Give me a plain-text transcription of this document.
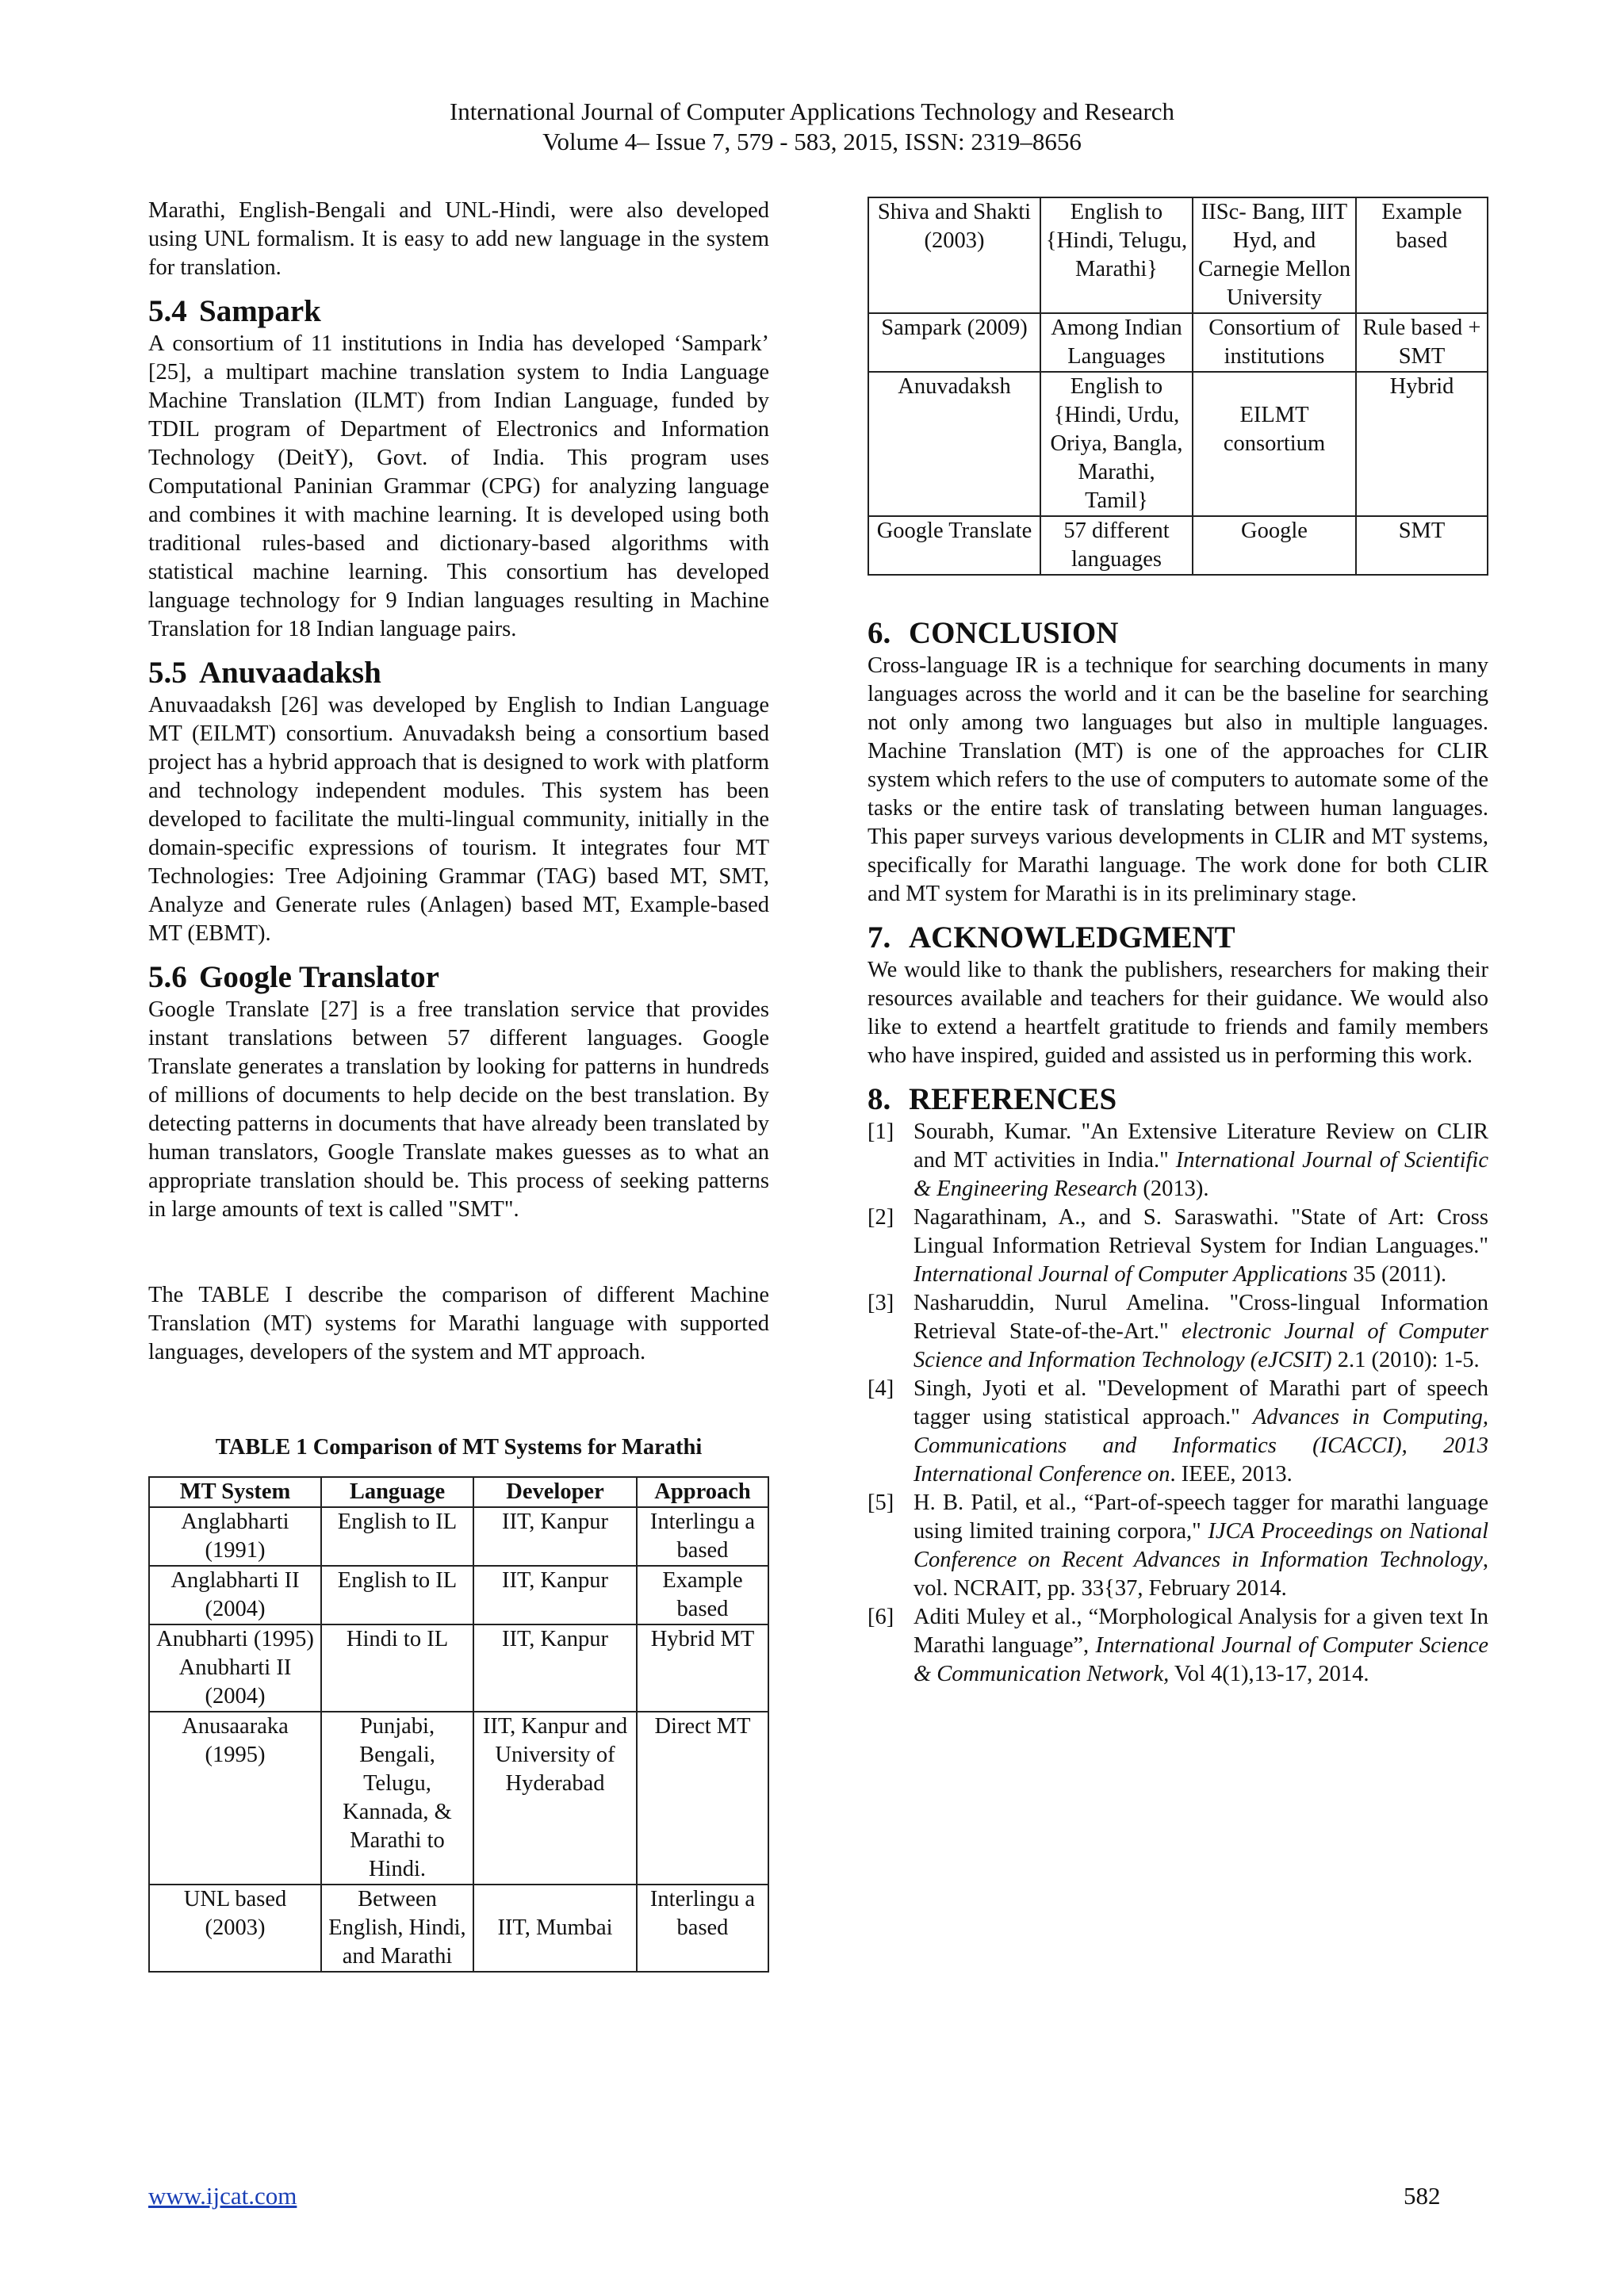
International Journal of Computer Applications Technology and Research
Volume 4– Issue 7, 579 - 583, 2015, ISSN: 2319–8656

Marathi, English-Bengali and UNL-Hindi, were also developed using UNL formalism. It is easy to add new language in the system for translation.

5.4 Sampark

A consortium of 11 institutions in India has developed ‘Sampark’ [25], a multipart machine translation system to India Language Machine Translation (ILMT) from Indian Language, funded by TDIL program of Department of Electronics and Information Technology (DeitY), Govt. of India. This program uses Computational Paninian Grammar (CPG) for analyzing language and combines it with machine learning. It is developed using both traditional rules-based and dictionary-based algorithms with statistical machine learning. This consortium has developed language technology for 9 Indian languages resulting in Machine Translation for 18 Indian language pairs.

5.5 Anuvaadaksh

Anuvaadaksh [26] was developed by English to Indian Language MT (EILMT) consortium. Anuvadaksh being a consortium based project has a hybrid approach that is designed to work with platform and technology independent modules. This system has been developed to facilitate the multi-lingual community, initially in the domain-specific expressions of tourism. It integrates four MT Technologies: Tree Adjoining Grammar (TAG) based MT, SMT, Analyze and Generate rules (Anlagen) based MT, Example-based MT (EBMT).

5.6 Google Translator

Google Translate [27] is a free translation service that provides instant translations between 57 different languages. Google Translate generates a translation by looking for patterns in hundreds of millions of documents to help decide on the best translation. By detecting patterns in documents that have already been translated by human translators, Google Translate makes guesses as to what an appropriate translation should be. This process of seeking patterns in large amounts of text is called "SMT".

The TABLE I describe the comparison of different Machine Translation (MT) systems for Marathi language with supported languages, developers of the system and MT approach.

TABLE 1 Comparison of MT Systems for Marathi

MT System	Language	Developer	Approach
Anglabharti (1991)	English to IL	IIT, Kanpur	Interlingu a based
Anglabharti II (2004)	English to IL	IIT, Kanpur	Example based
Anubharti (1995) Anubharti II (2004)	Hindi to IL	IIT, Kanpur	Hybrid MT
Anusaaraka (1995)	Punjabi, Bengali, Telugu, Kannada, & Marathi to Hindi.	IIT, Kanpur and University of Hyderabad	Direct MT
UNL based (2003)	Between English, Hindi, and Marathi	IIT, Mumbai	Interlingu a based
Shiva and Shakti (2003)	English to {Hindi, Telugu, Marathi}	IISc- Bang, IIIT Hyd, and Carnegie Mellon University	Example based
Sampark (2009)	Among Indian Languages	Consortium of institutions	Rule based + SMT
Anuvadaksh	English to {Hindi, Urdu, Oriya, Bangla, Marathi, Tamil}	EILMT consortium	Hybrid
Google Translate	57 different languages	Google	SMT
6. CONCLUSION

Cross-language IR is a technique for searching documents in many languages across the world and it can be the baseline for searching not only among two languages but also in multiple languages. Machine Translation (MT) is one of the approaches for CLIR system which refers to the use of computers to automate some of the tasks or the entire task of translating between human languages. This paper surveys various developments in CLIR and MT systems, specifically for Marathi language. The work done for both CLIR and MT system for Marathi is in its preliminary stage.

7. ACKNOWLEDGMENT

We would like to thank the publishers, researchers for making their resources available and teachers for their guidance. We would also like to extend a heartfelt gratitude to friends and family members who have inspired, guided and assisted us in performing this work.

8. REFERENCES
[1] Sourabh, Kumar. "An Extensive Literature Review on CLIR and MT activities in India." International Journal of Scientific & Engineering Research (2013).
[2] Nagarathinam, A., and S. Saraswathi. "State of Art: Cross Lingual Information Retrieval System for Indian Languages." International Journal of Computer Applications 35 (2011).
[3] Nasharuddin, Nurul Amelina. "Cross-lingual Information Retrieval State-of-the-Art." electronic Journal of Computer Science and Information Technology (eJCSIT) 2.1 (2010): 1-5.
[4] Singh, Jyoti et al. "Development of Marathi part of speech tagger using statistical approach." Advances in Computing, Communications and Informatics (ICACCI), 2013 International Conference on. IEEE, 2013.
[5] H. B. Patil, et al., “Part-of-speech tagger for marathi language using limited training corpora," IJCA Proceedings on National Conference on Recent Advances in Information Technology, vol. NCRAIT, pp. 33{37, February 2014.
[6] Aditi Muley et al., “Morphological Analysis for a given text In Marathi language”, International Journal of Computer Science & Communication Network, Vol 4(1),13-17, 2014.
www.ijcat.com	582
